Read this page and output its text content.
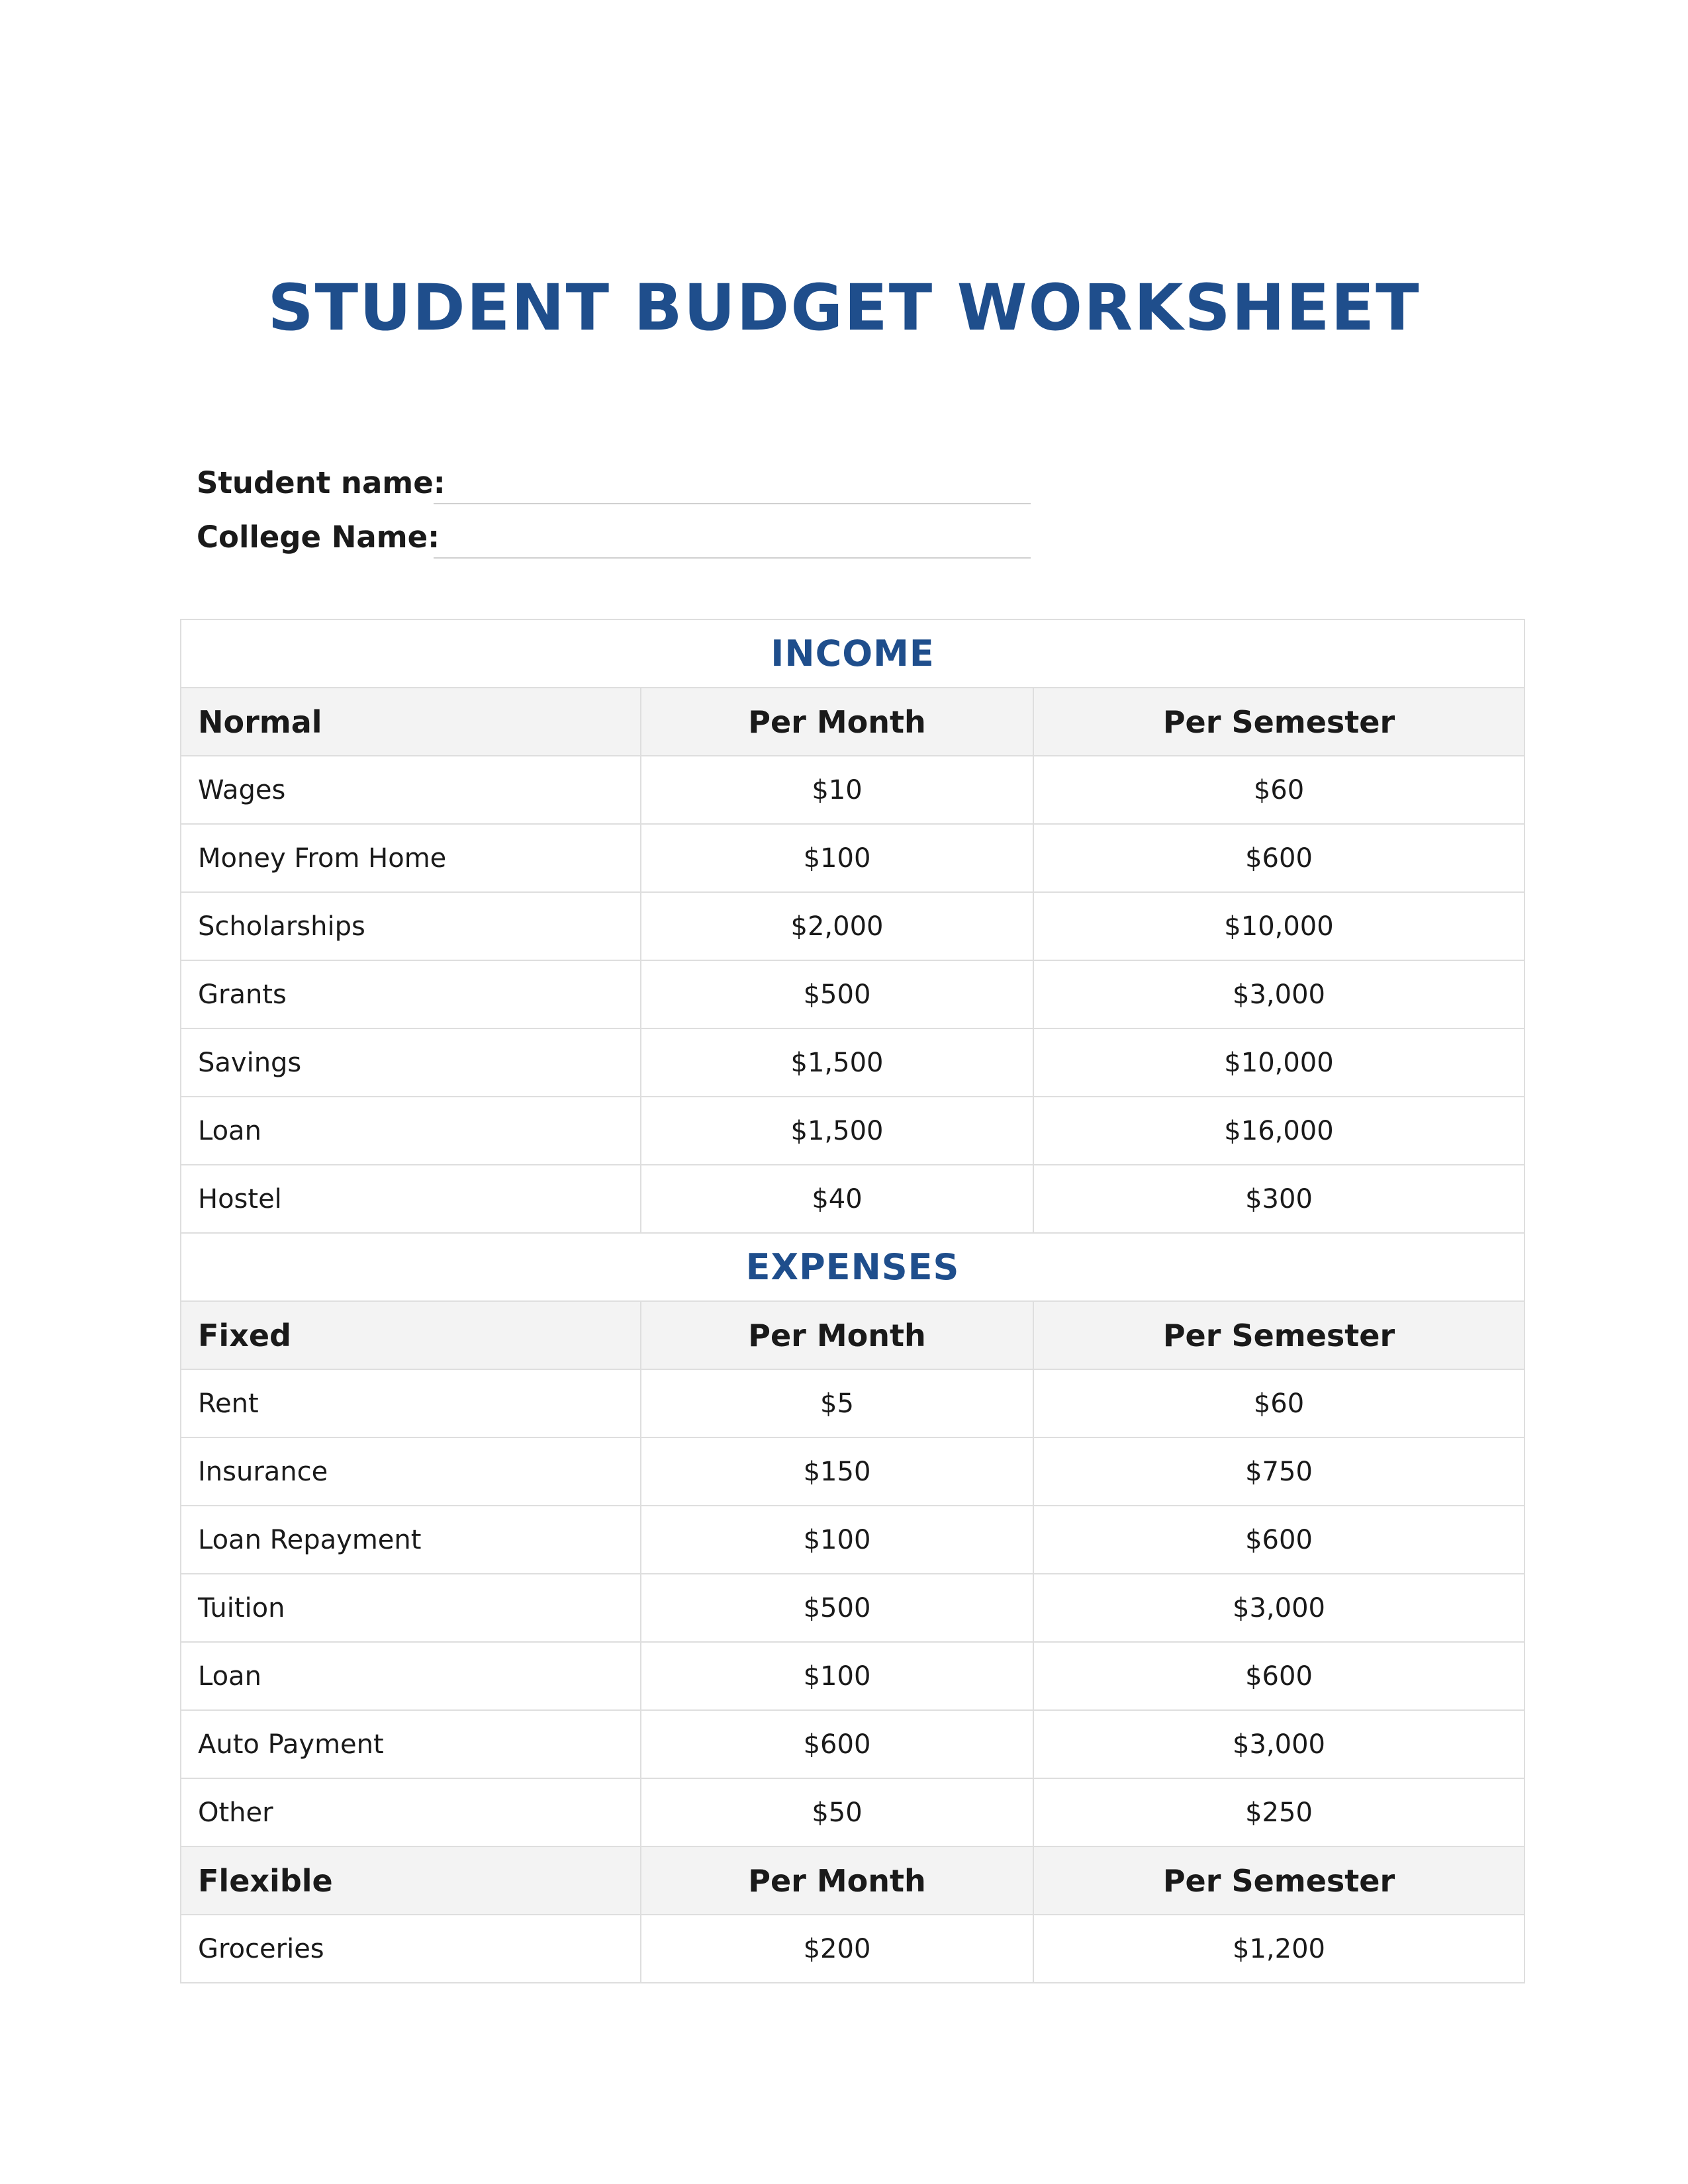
STUDENT BUDGET WORKSHEET
Student name:
College Name:
INCOME		
Normal	Per Month	Per Semester
Wages	$10	$60
Money From Home	$100	$600
Scholarships	$2,000	$10,000
Grants	$500	$3,000
Savings	$1,500	$10,000
Loan	$1,500	$16,000
Hostel	$40	$300
EXPENSES		
Fixed	Per Month	Per Semester
Rent	$5	$60
Insurance	$150	$750
Loan Repayment	$100	$600
Tuition	$500	$3,000
Loan	$100	$600
Auto Payment	$600	$3,000
Other	$50	$250
Flexible	Per Month	Per Semester
Groceries	$200	$1,200
